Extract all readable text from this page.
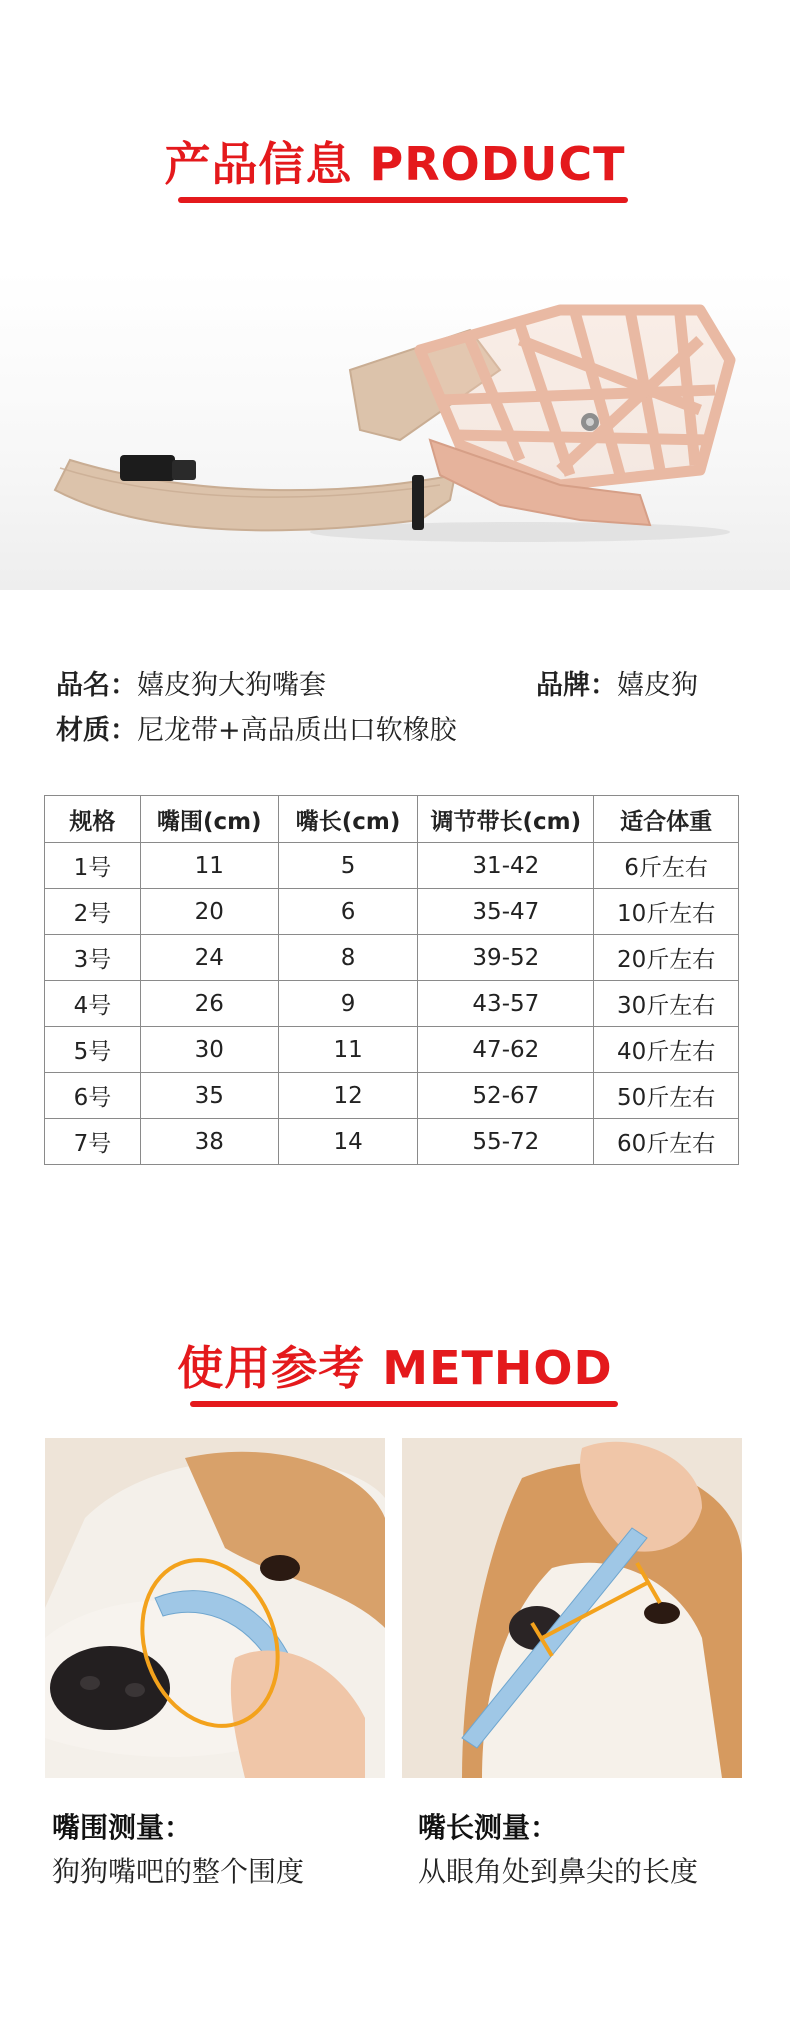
产品信息 PRODUCT
品名：嬉皮狗大狗嘴套	品牌：嬉皮狗
材质：尼龙带+高品质出口软橡胶
规格	嘴围(cm)	嘴长(cm)	调节带长(cm)	适合体重
1号	11	5	31-42	6斤左右
2号	20	6	35-47	10斤左右
3号	24	8	39-52	20斤左右
4号	26	9	43-57	30斤左右
5号	30	11	47-62	40斤左右
6号	35	12	52-67	50斤左右
7号	38	14	55-72	60斤左右
使用参考 METHOD
嘴围测量：
狗狗嘴吧的整个围度
嘴长测量：
从眼角处到鼻尖的长度
